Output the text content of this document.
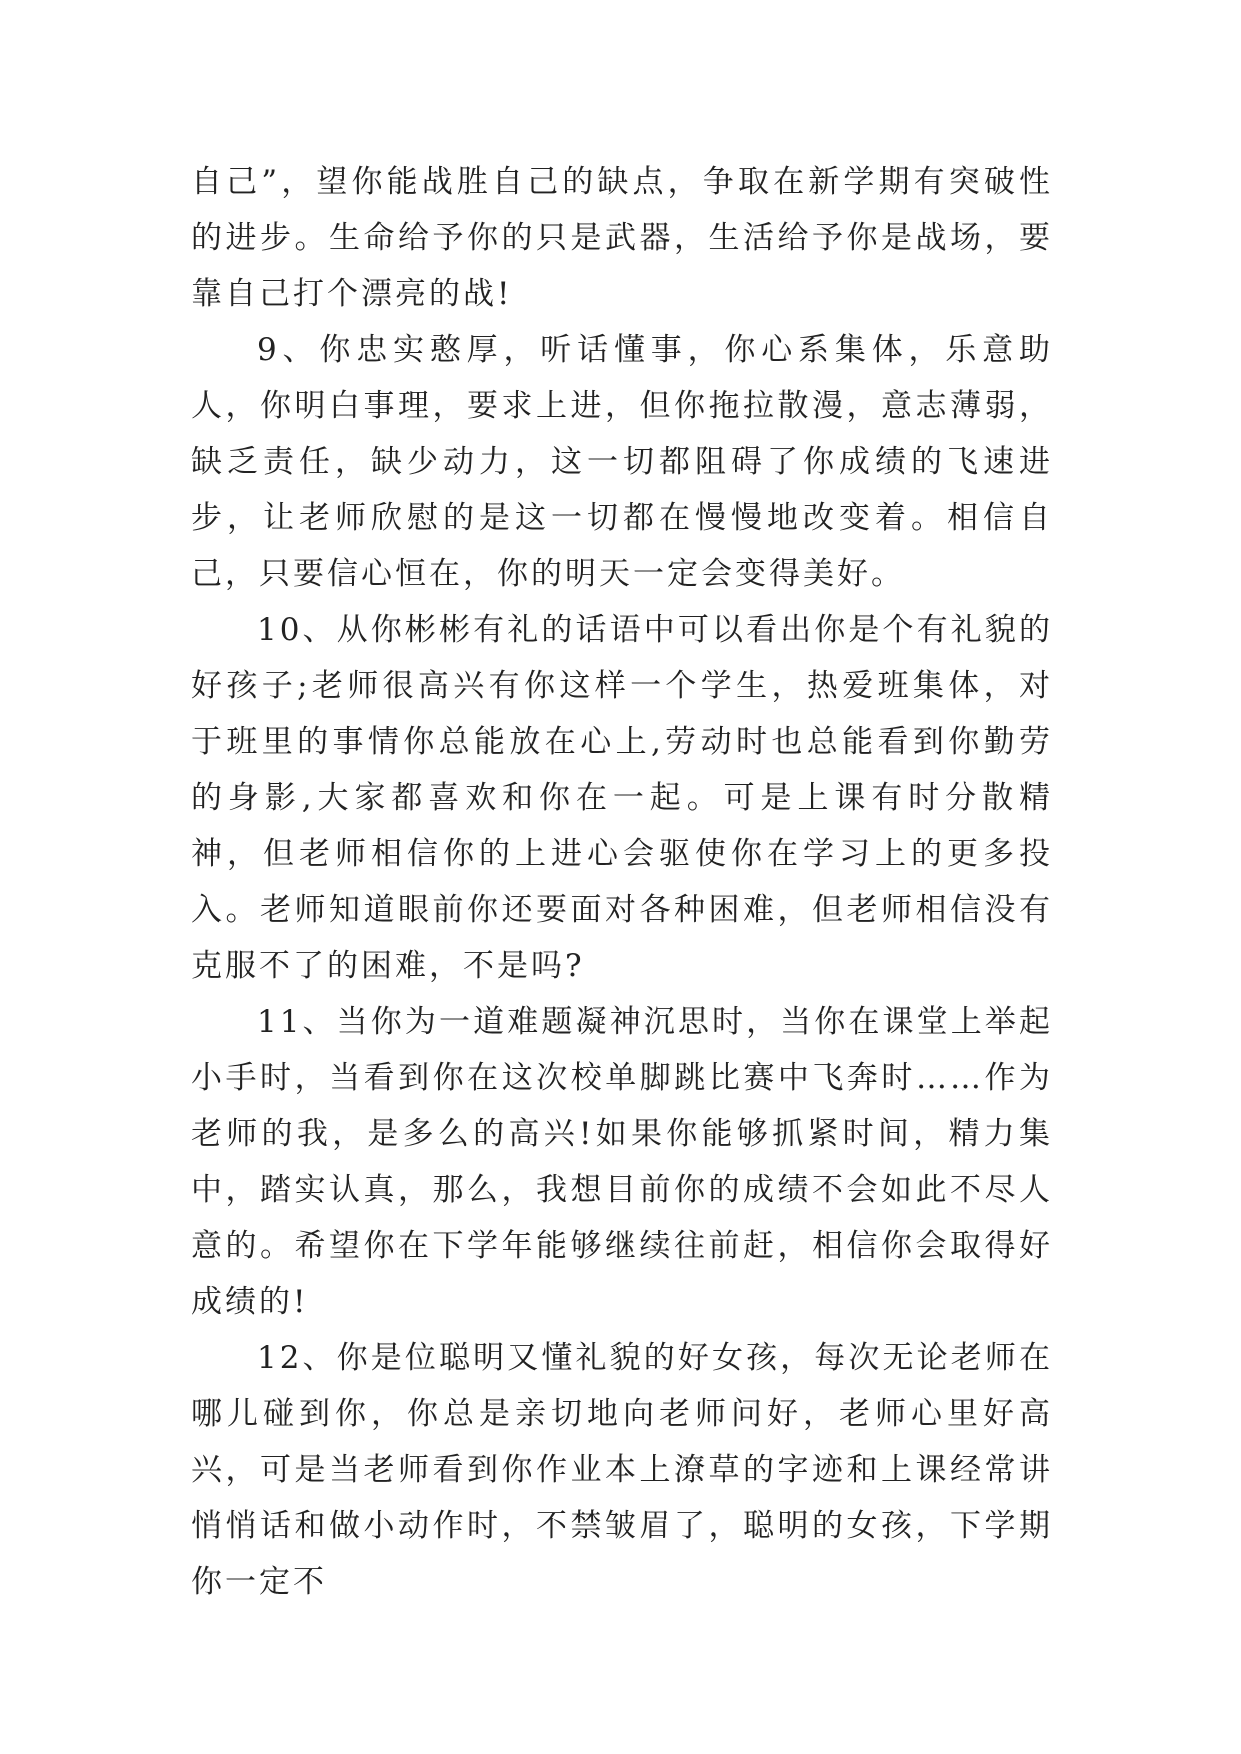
自己”，望你能战胜自己的缺点，争取在新学期有突破性的进步。生命给予你的只是武器，生活给予你是战场，要靠自己打个漂亮的战!

9、你忠实憨厚，听话懂事，你心系集体，乐意助人，你明白事理，要求上进，但你拖拉散漫，意志薄弱，缺乏责任，缺少动力，这一切都阻碍了你成绩的飞速进步，让老师欣慰的是这一切都在慢慢地改变着。相信自己，只要信心恒在，你的明天一定会变得美好。

10、从你彬彬有礼的话语中可以看出你是个有礼貌的好孩子;老师很高兴有你这样一个学生，热爱班集体，对于班里的事情你总能放在心上,劳动时也总能看到你勤劳的身影,大家都喜欢和你在一起。可是上课有时分散精神，但老师相信你的上进心会驱使你在学习上的更多投入。老师知道眼前你还要面对各种困难，但老师相信没有克服不了的困难，不是吗?

11、当你为一道难题凝神沉思时，当你在课堂上举起小手时，当看到你在这次校单脚跳比赛中飞奔时……作为老师的我，是多么的高兴!如果你能够抓紧时间，精力集中，踏实认真，那么，我想目前你的成绩不会如此不尽人意的。希望你在下学年能够继续往前赶，相信你会取得好成绩的!

12、你是位聪明又懂礼貌的好女孩，每次无论老师在哪儿碰到你，你总是亲切地向老师问好，老师心里好高兴，可是当老师看到你作业本上潦草的字迹和上课经常讲悄悄话和做小动作时，不禁皱眉了，聪明的女孩，下学期你一定不
